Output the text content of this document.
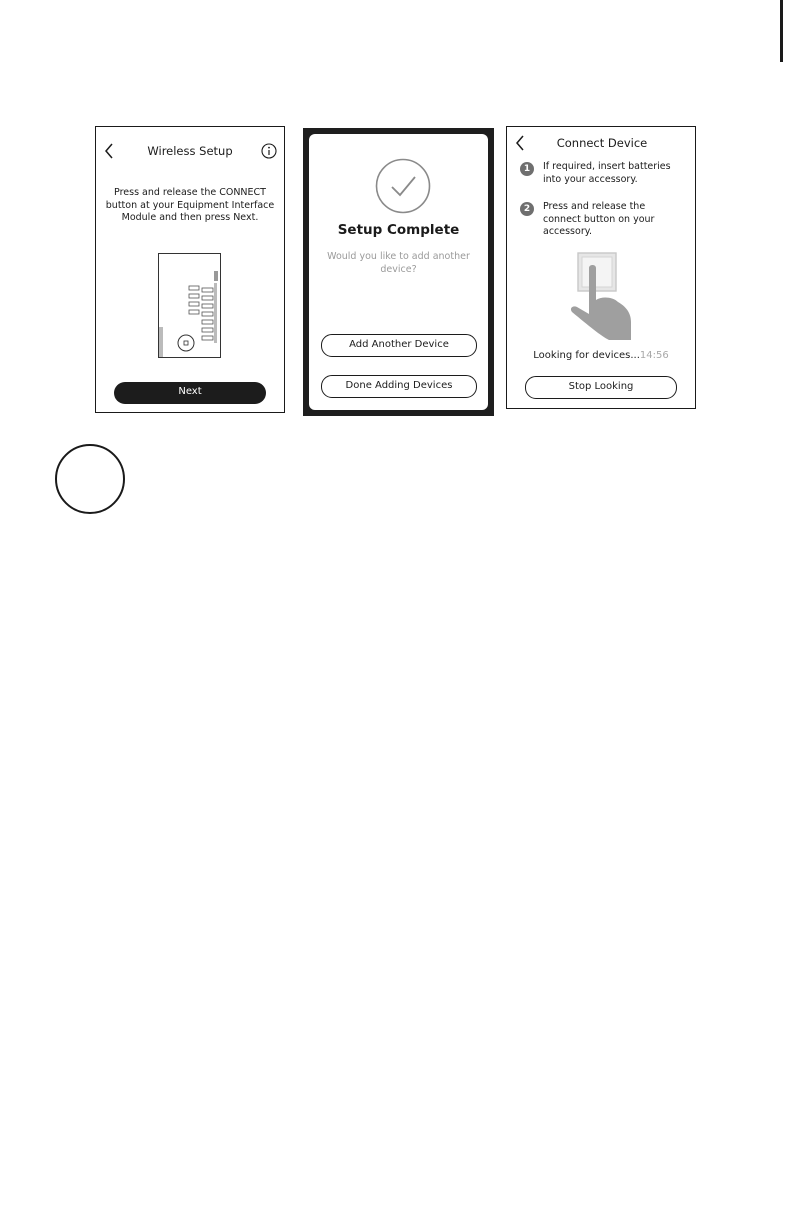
Wireless Setup
Press and release the CONNECT button at your Equipment Interface Module and then press Next.
Next
Setup Complete
Would you like to add another device?
Add Another Device
Done Adding Devices
Connect Device
1	If required, insert batteries into your accessory.
2	Press and release the connect button on your accessory.
Looking for devices...14:56
Stop Looking
